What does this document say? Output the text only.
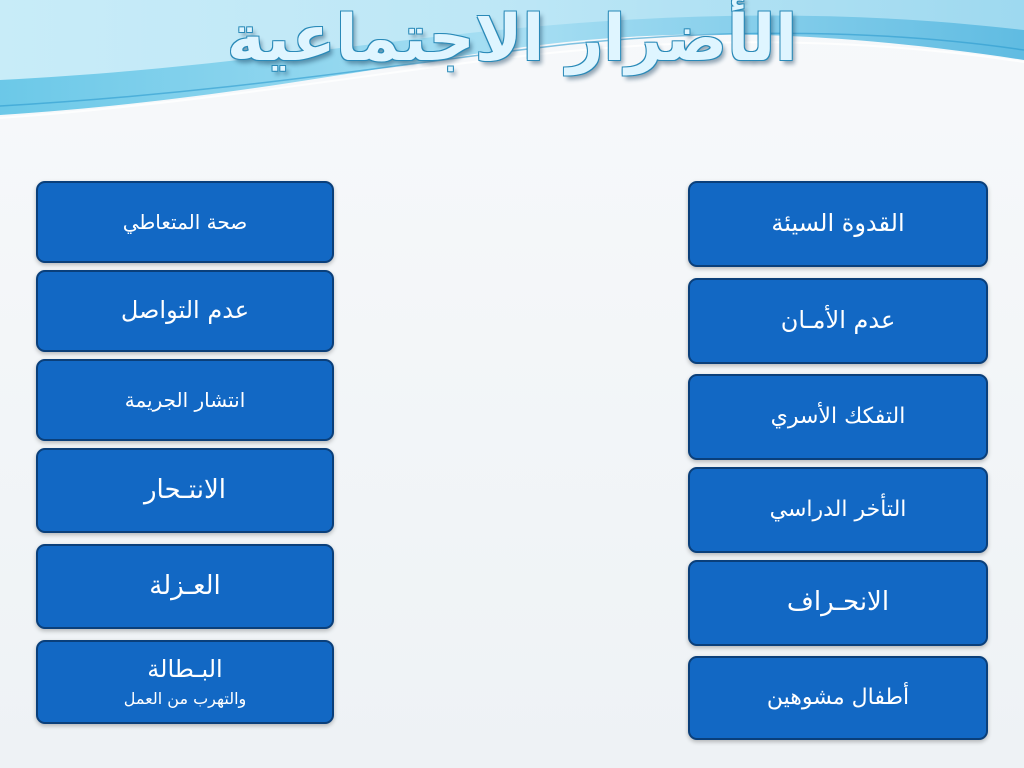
الأضرار الاجتماعية
صحة المتعاطي
عدم التواصل
انتشار الجريمة
الانتـحار
العـزلة
البـطالة
والتهرب من العمل
القدوة السيئة
عدم الأمـان
التفكك الأسري
التأخر الدراسي
الانحـراف
أطفال مشوهين
